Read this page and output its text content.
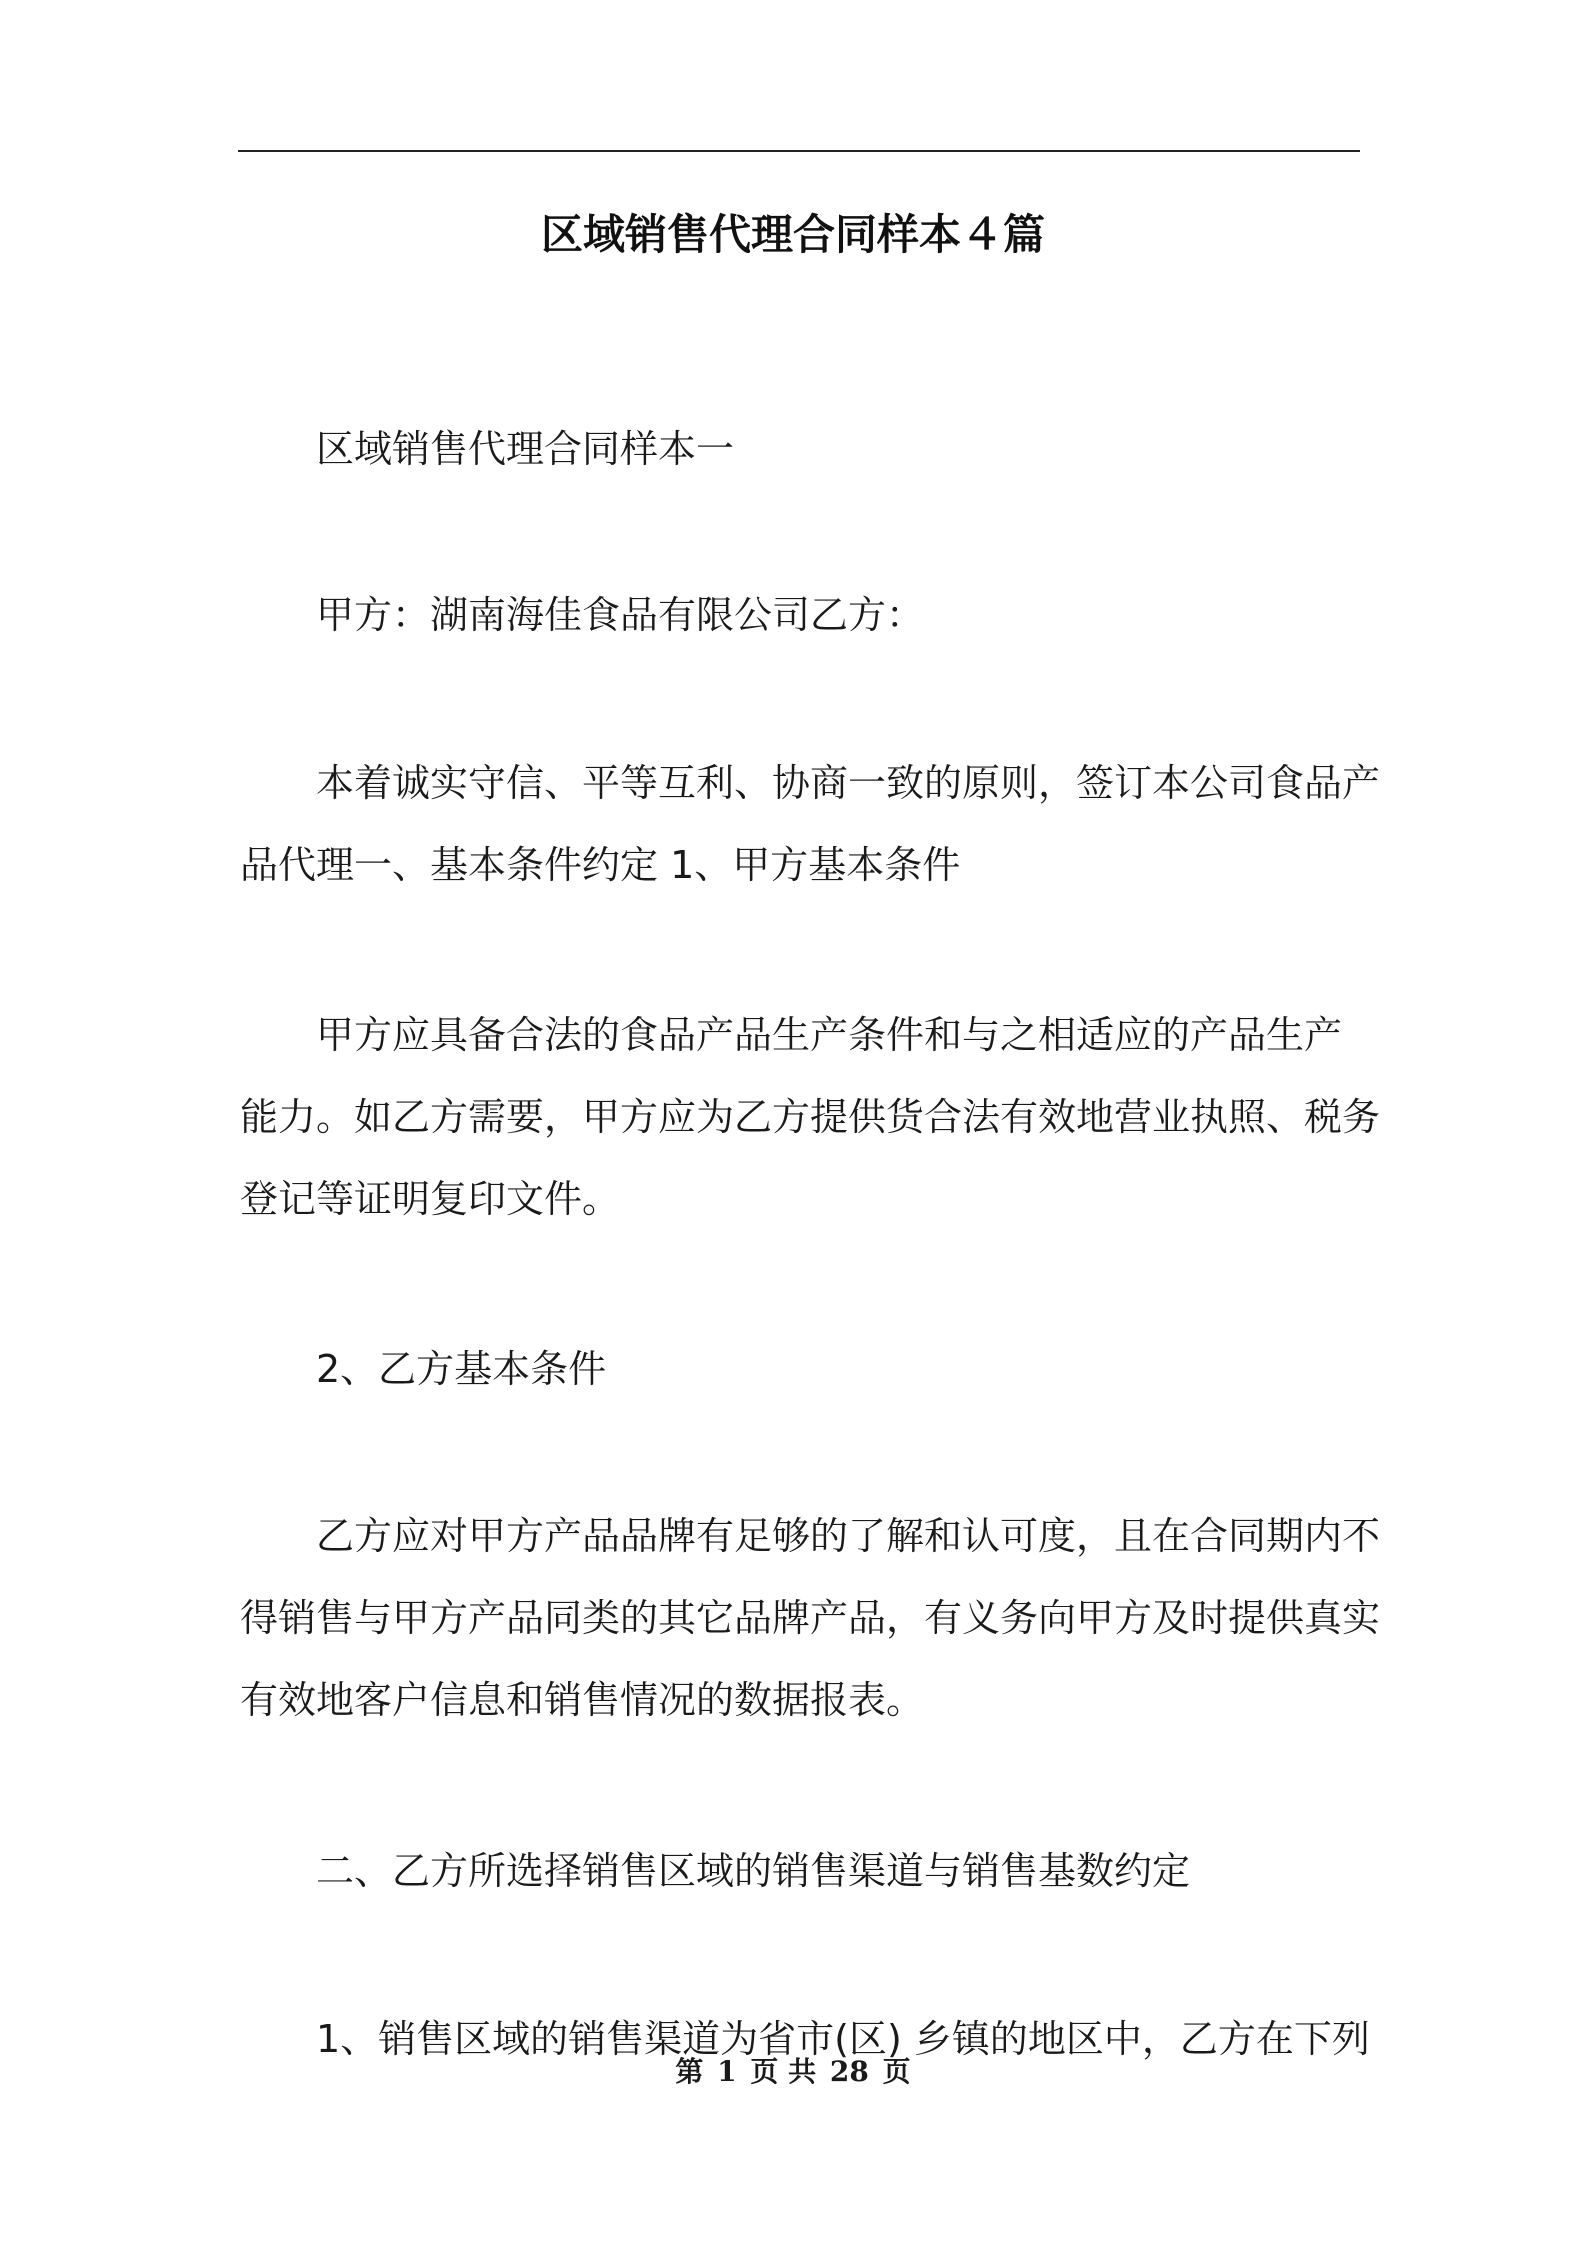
区域销售代理合同样本４篇

区域销售代理合同样本一

甲方：湖南海佳食品有限公司乙方：

本着诚实守信、平等互利、协商一致的原则，签订本公司食品产
品代理一、基本条件约定 1、甲方基本条件

甲方应具备合法的食品产品生产条件和与之相适应的产品生产
能力。如乙方需要，甲方应为乙方提供货合法有效地营业执照、税务
登记等证明复印文件。

2、乙方基本条件

乙方应对甲方产品品牌有足够的了解和认可度，且在合同期内不
得销售与甲方产品同类的其它品牌产品，有义务向甲方及时提供真实
有效地客户信息和销售情况的数据报表。

二、乙方所选择销售区域的销售渠道与销售基数约定

1、销售区域的销售渠道为省市(区) 乡镇的地区中，乙方在下列

第 1 页 共 28 页
